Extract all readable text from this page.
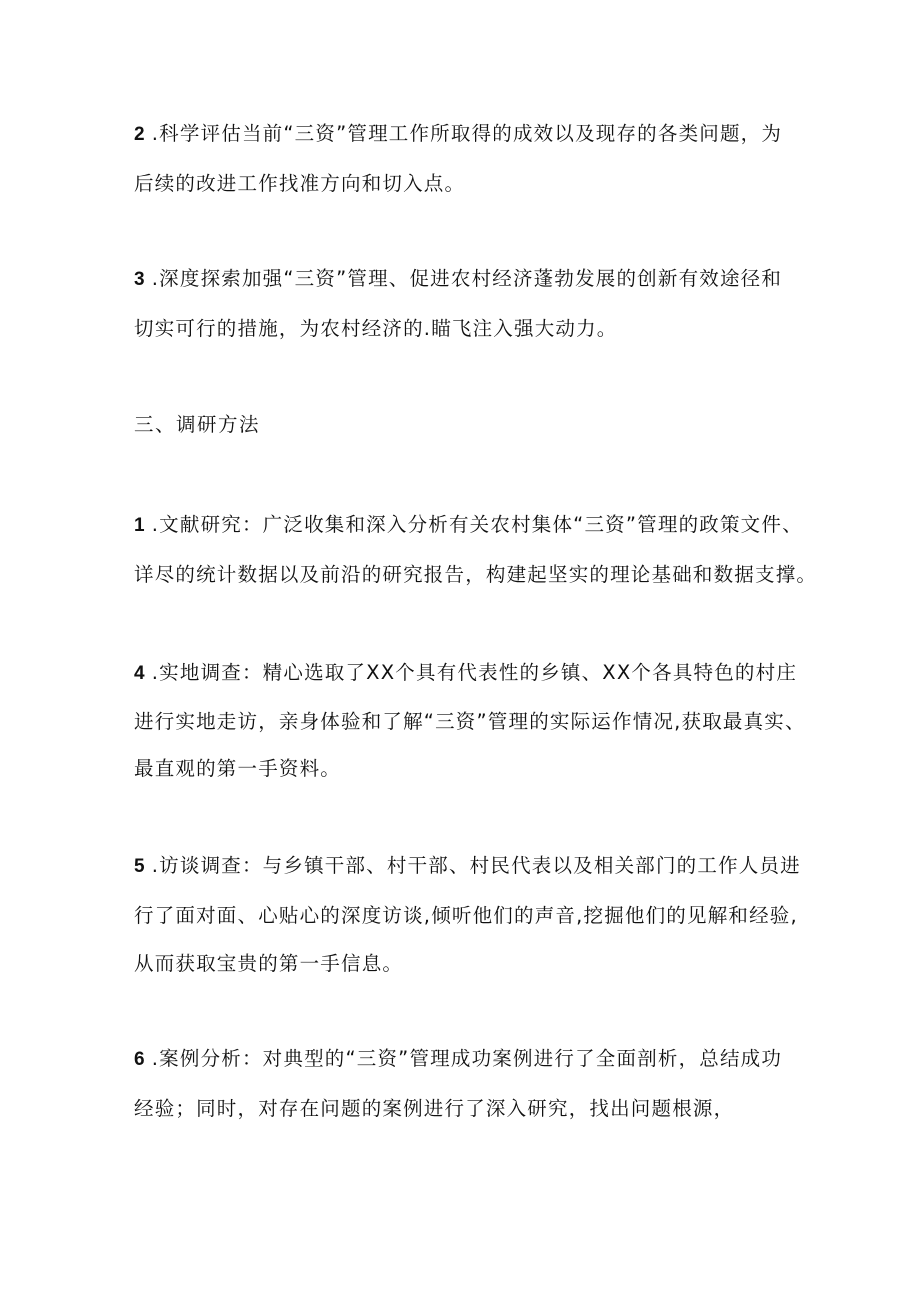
2 .科学评估当前“三资”管理工作所取得的成效以及现存的各类问题，为
后续的改进工作找准方向和切入点。
3 .深度探索加强“三资”管理、促进农村经济蓬勃发展的创新有效途径和
切实可行的措施，为农村经济的.瞄飞注入强大动力。
三、调研方法
1 .文献研究：广泛收集和深入分析有关农村集体“三资”管理的政策文件、
详尽的统计数据以及前沿的研究报告，构建起坚实的理论基础和数据支撑。
4 .实地调查：精心选取了XX个具有代表性的乡镇、XX个各具特色的村庄
进行实地走访，亲身体验和了解“三资”管理的实际运作情况,获取最真实、
最直观的第一手资料。
5 .访谈调查：与乡镇干部、村干部、村民代表以及相关部门的工作人员进
行了面对面、心贴心的深度访谈,倾听他们的声音,挖掘他们的见解和经验,
从而获取宝贵的第一手信息。
6 .案例分析：对典型的“三资”管理成功案例进行了全面剖析，总结成功
经验；同时，对存在问题的案例进行了深入研究，找出问题根源，
